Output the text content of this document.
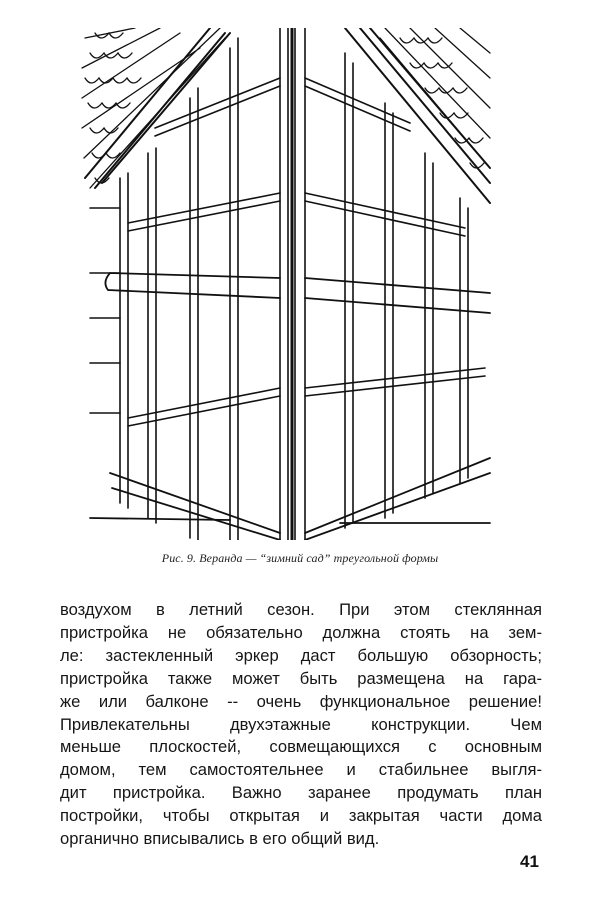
Рис. 9. Веранда — “зимний сад” треугольной формы
воздухом в летний сезон. При этом стеклянная
пристройка не обязательно должна стоять на зем-
ле: застекленный эркер даст большую обзорность;
пристройка также может быть размещена на гара-
же или балконе -- очень функциональное решение!
Привлекательны двухэтажные конструкции. Чем
меньше плоскостей, совмещающихся с основным
домом, тем самостоятельнее и стабильнее выгля-
дит пристройка. Важно заранее продумать план
постройки, чтобы открытая и закрытая части дома
органично вписывались в его общий вид.
41
